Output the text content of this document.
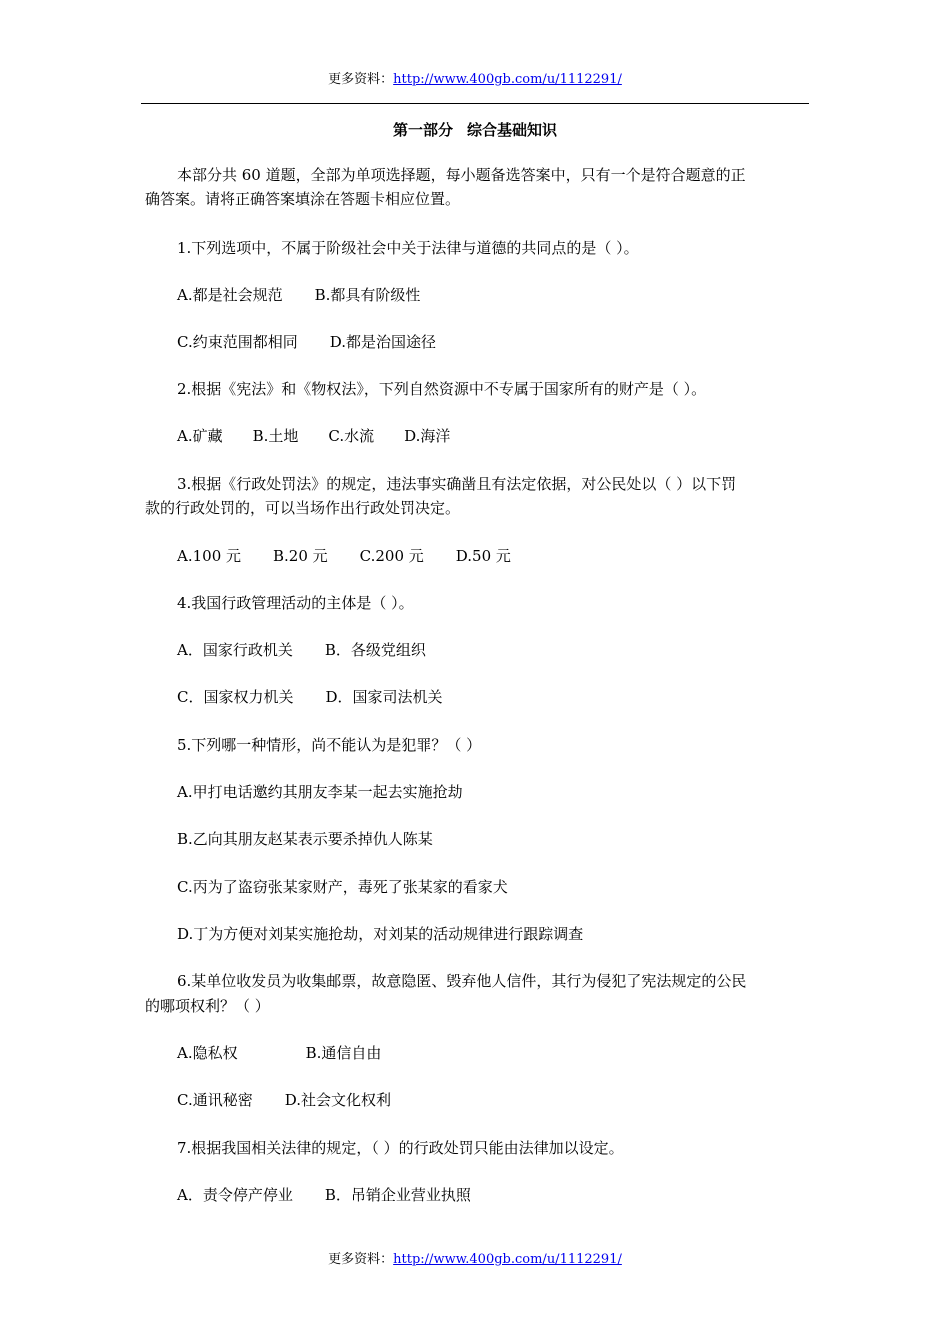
更多资料：http://www.400gb.com/u/1112291/
第一部分 综合基础知识
本部分共 60 道题，全部为单项选择题，每小题备选答案中，只有一个是符合题意的正
确答案。请将正确答案填涂在答题卡相应位置。
1.下列选项中，不属于阶级社会中关于法律与道德的共同点的是（ ）。
A.都是社会规范 B.都具有阶级性
C.约束范围都相同 D.都是治国途径
2.根据《宪法》和《物权法》，下列自然资源中不专属于国家所有的财产是（ ）。
A.矿藏 B.土地 C.水流 D.海洋
3.根据《行政处罚法》的规定，违法事实确凿且有法定依据，对公民处以（ ）以下罚
款的行政处罚的，可以当场作出行政处罚决定。
A.100 元 B.20 元 C.200 元 D.50 元
4.我国行政管理活动的主体是（ ）。
A．国家行政机关 B．各级党组织
C．国家权力机关 D．国家司法机关
5.下列哪一种情形，尚不能认为是犯罪？（ ）
A.甲打电话邀约其朋友李某一起去实施抢劫
B.乙向其朋友赵某表示要杀掉仇人陈某
C.丙为了盗窃张某家财产，毒死了张某家的看家犬
D.丁为方便对刘某实施抢劫，对刘某的活动规律进行跟踪调查
6.某单位收发员为收集邮票，故意隐匿、毁弃他人信件，其行为侵犯了宪法规定的公民
的哪项权利？（ ）
A.隐私权	B.通信自由
C.通讯秘密 D.社会文化权利
7.根据我国相关法律的规定，（ ）的行政处罚只能由法律加以设定。
A．责令停产停业 B．吊销企业营业执照
更多资料：http://www.400gb.com/u/1112291/
